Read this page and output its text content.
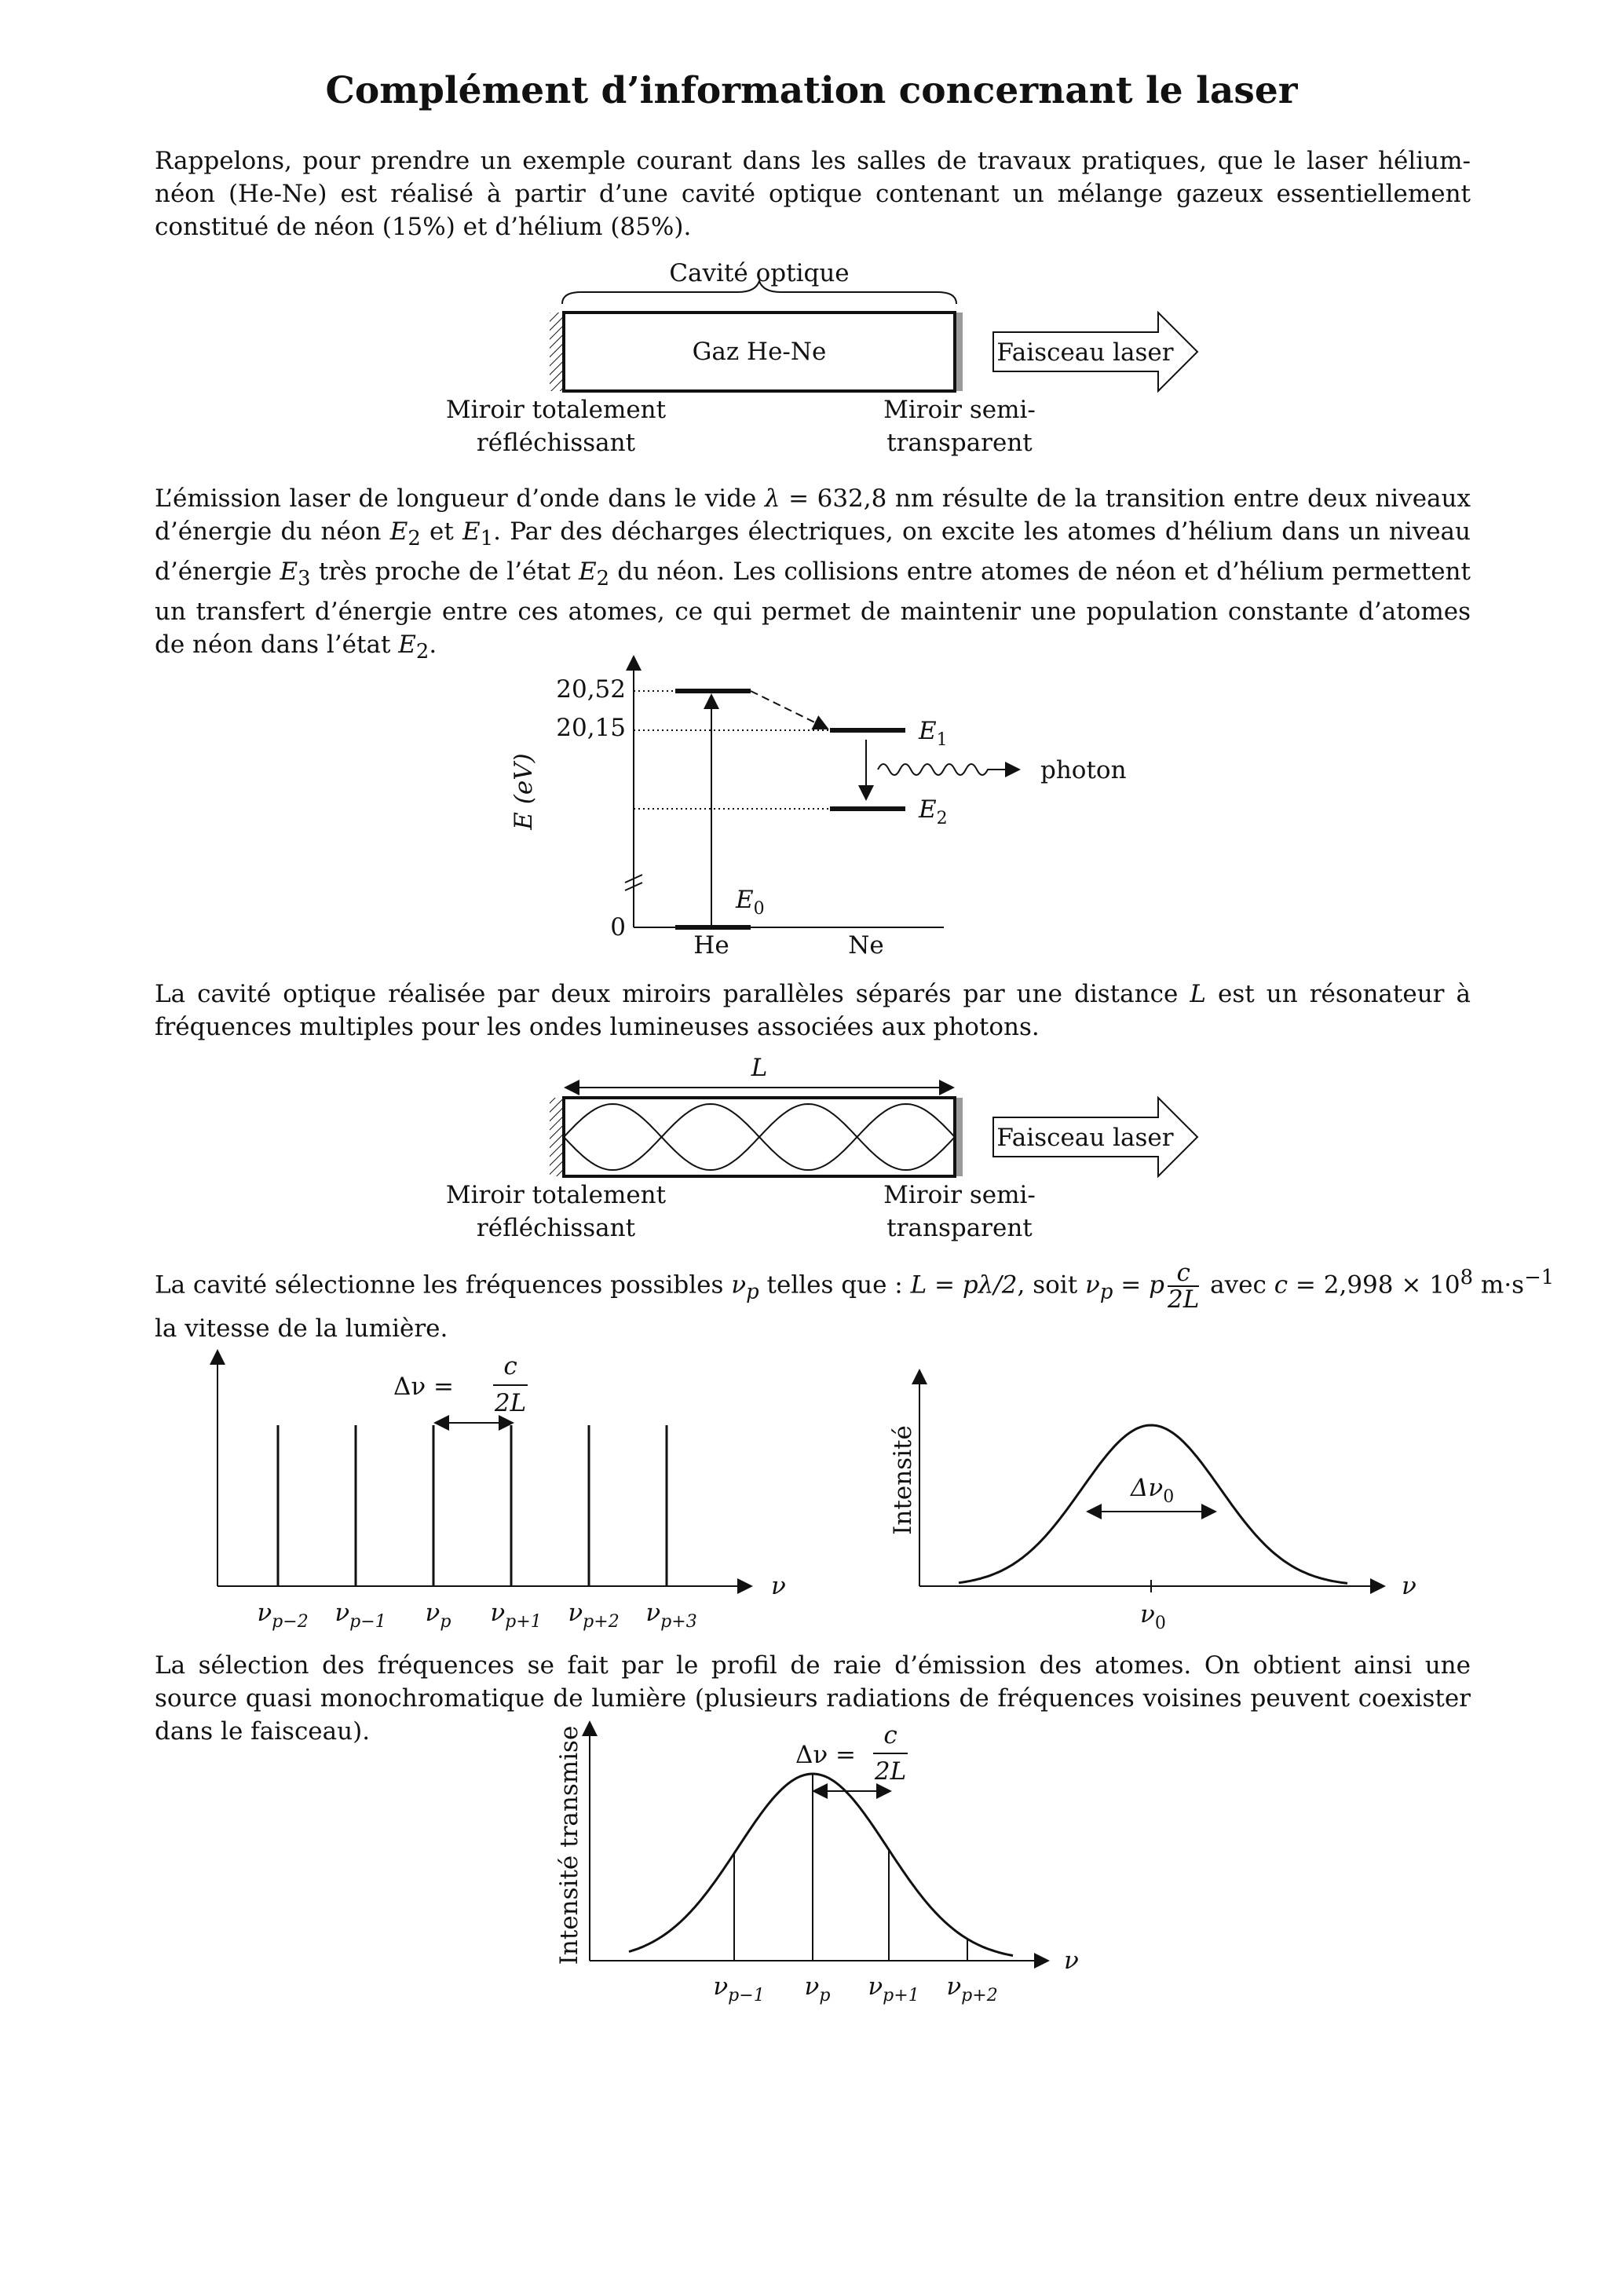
Complément d’information concernant le laser

Rappelons, pour prendre un exemple courant dans les salles de travaux pratiques, que le laser hélium-néon (He-Ne) est réalisé à partir d’une cavité optique contenant un mélange gazeux essentiellement constitué de néon (15%) et d’hélium (85%).

Cavité optique
Gaz He-Ne	Faisceau laser
Miroir totalement
réfléchissant
Miroir semi-
transparent

L’émission laser de longueur d’onde dans le vide λ = 632,8 nm résulte de la transition entre deux niveaux d’énergie du néon $E_2$ et $E_1$. Par des décharges électriques, on excite les atomes d’hélium dans un niveau d’énergie $E_3$ très proche de l’état $E_2$ du néon. Les collisions entre atomes de néon et d’hélium permettent un transfert d’énergie entre ces atomes, ce qui permet de maintenir une population constante d’atomes de néon dans l’état $E_2$.

E (eV)
20,52
20,15
0
photon
$E_1$
$E_2$
$E_0$
He	Ne

La cavité optique réalisée par deux miroirs parallèles séparés par une distance L est un résonateur à fréquences multiples pour les ondes lumineuses associées aux photons.

L
Faisceau laser
Miroir totalement
réfléchissant
Miroir semi-
transparent
La cavité sélectionne les fréquences possibles $\nu_p$ telles que : L = pλ/2, soit $\nu_p = p \frac{c}{2L}$ avec $c = 2,998 \times 10^8$ $m\cdot s^{-1}$
la vitesse de la lumière.
ν
$\nu_{p-2}$ $\nu_{p-1}$ $\nu_p$ $\nu_{p+1}$ $\nu_{p+2}$ $\nu_{p+3}$
Δν =
c
2L
Intensité
ν
$\Delta\nu_0$
$\nu_0$

La sélection des fréquences se fait par le profil de raie d’émission des atomes. On obtient ainsi une source quasi monochromatique de lumière (plusieurs radiations de fréquences voisines peuvent coexister dans le faisceau).	Intensité transmise	ν
$\nu_{p-1}$ $\nu_p$ $\nu_{p+1}$ $\nu_{p+2}$
Δν =
c
2L
